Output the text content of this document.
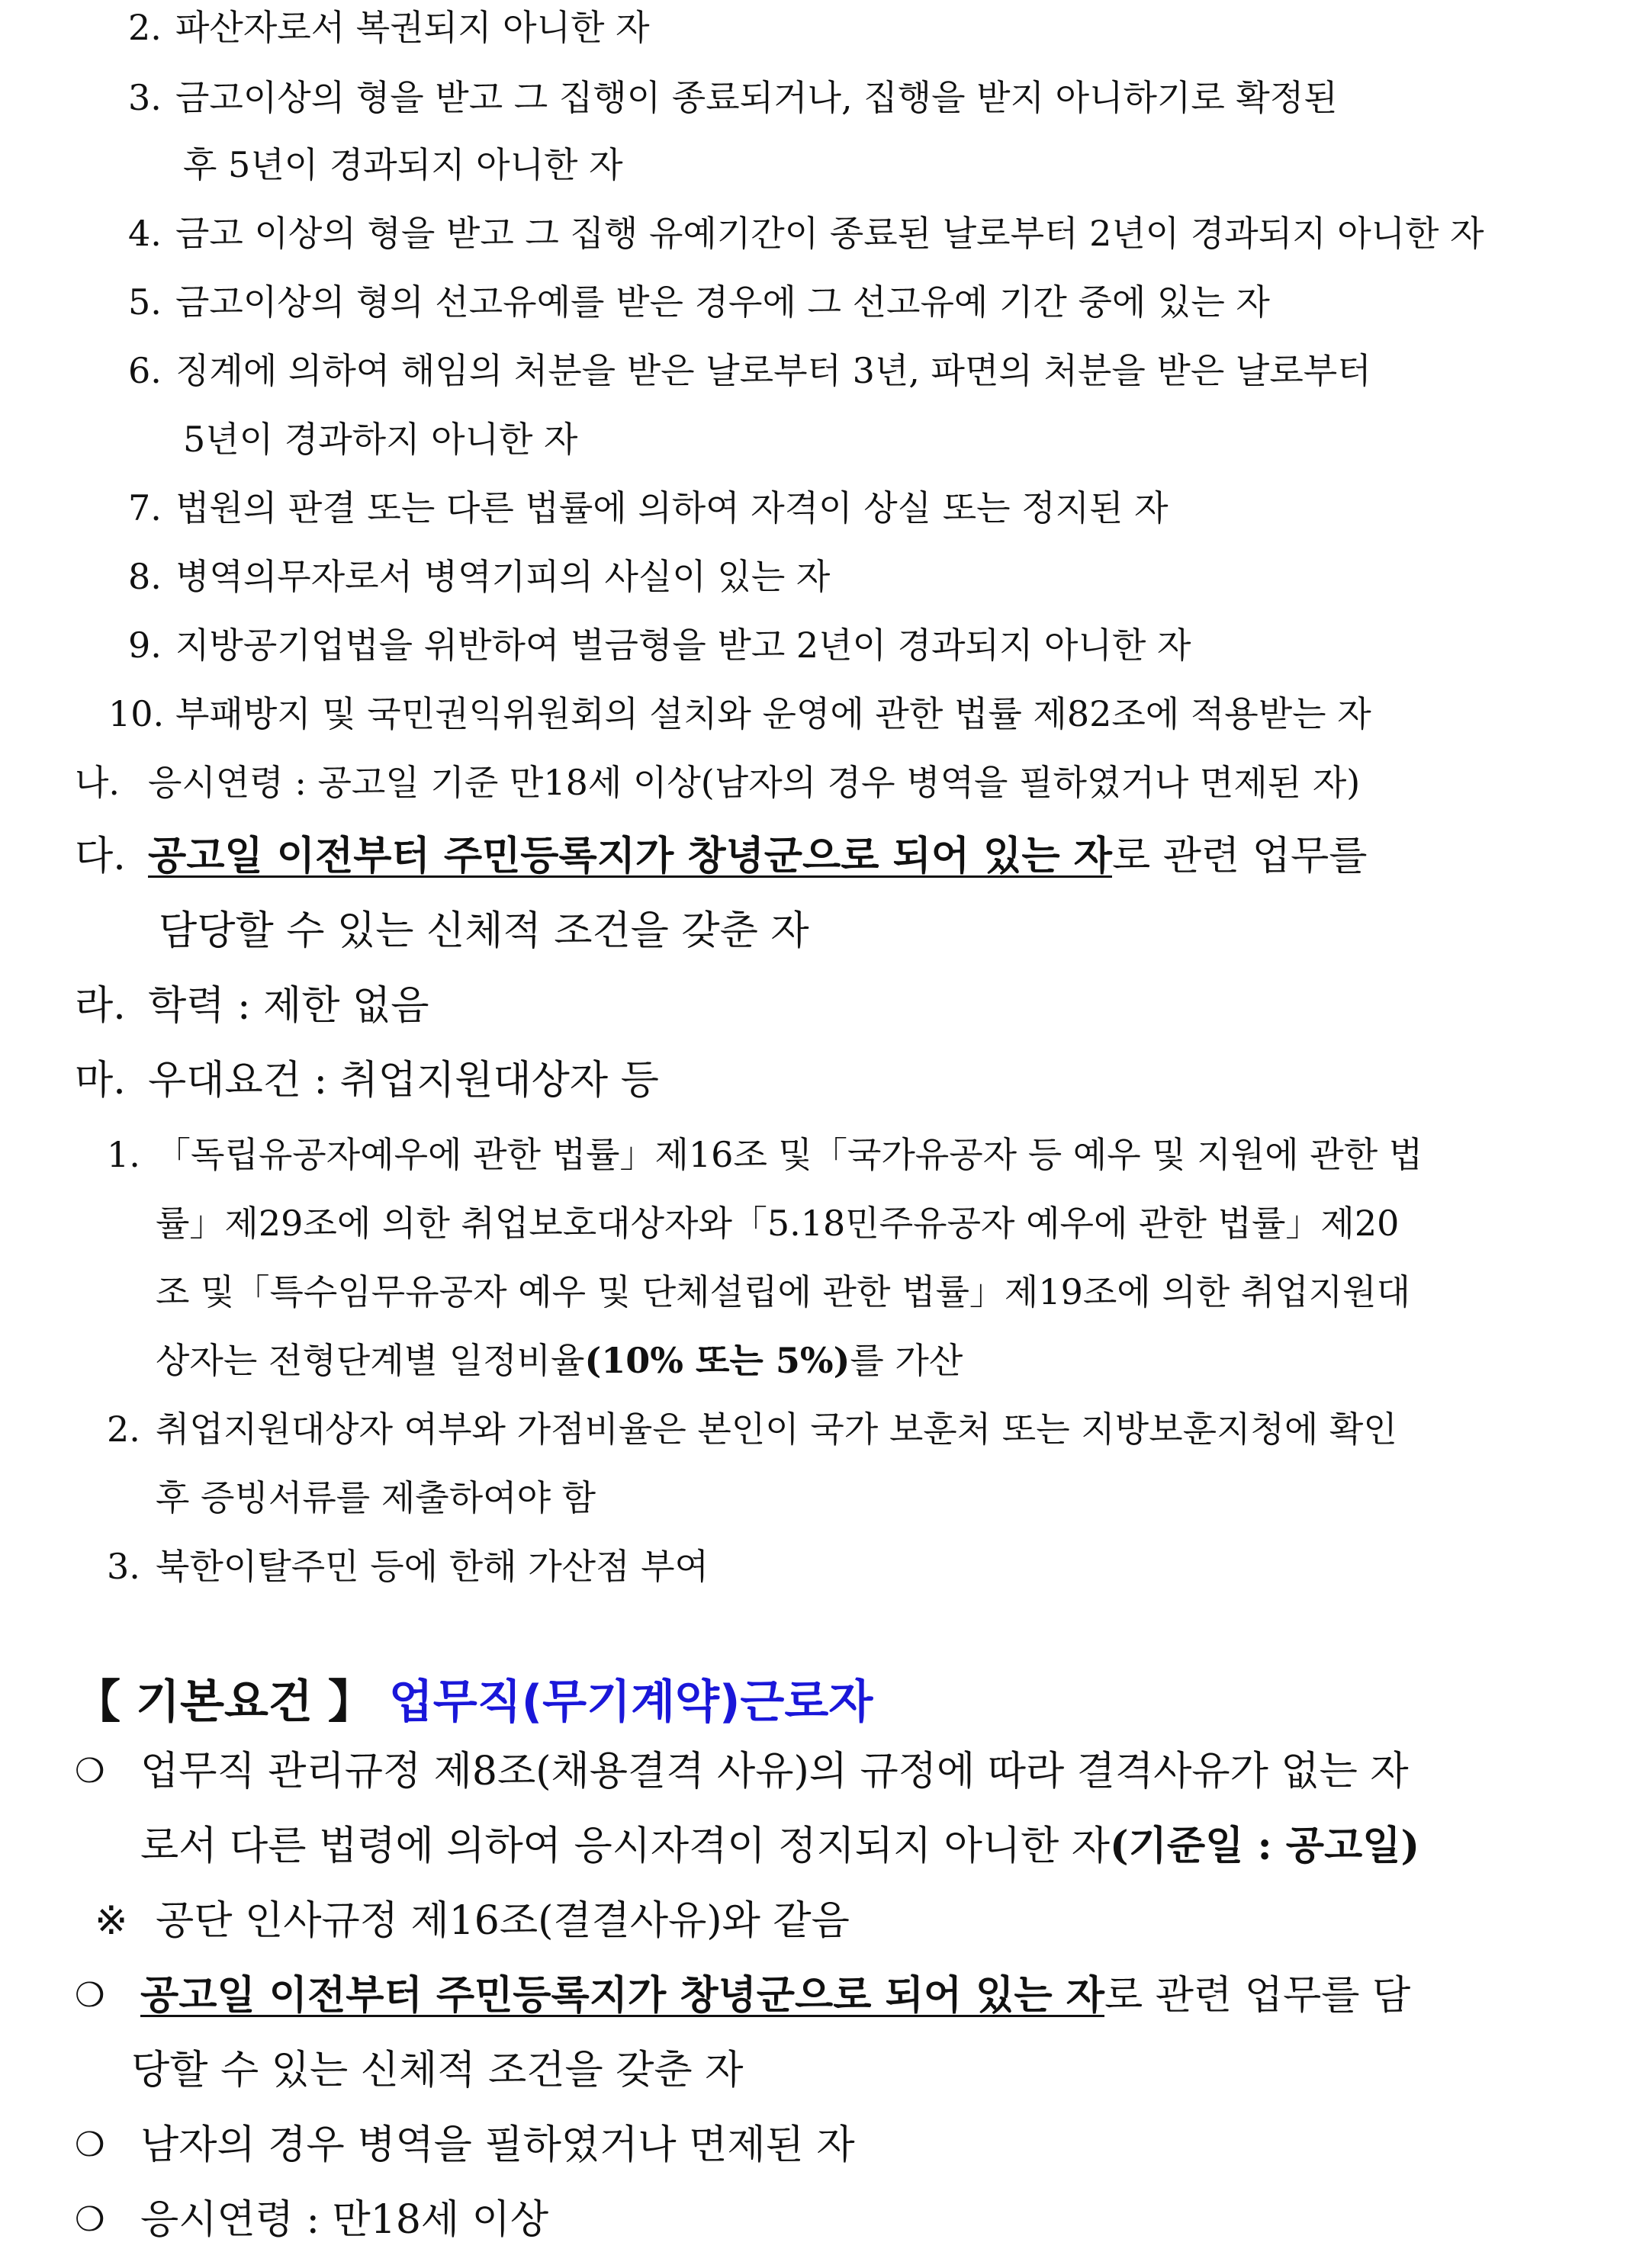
2. 파산자로서 복권되지 아니한 자
3. 금고이상의 형을 받고 그 집행이 종료되거나, 집행을 받지 아니하기로 확정된
후 5년이 경과되지 아니한 자
4. 금고 이상의 형을 받고 그 집행 유예기간이 종료된 날로부터 2년이 경과되지 아니한 자
5. 금고이상의 형의 선고유예를 받은 경우에 그 선고유예 기간 중에 있는 자
6. 징계에 의하여 해임의 처분을 받은 날로부터 3년, 파면의 처분을 받은 날로부터
5년이 경과하지 아니한 자
7. 법원의 판결 또는 다른 법률에 의하여 자격이 상실 또는 정지된 자
8. 병역의무자로서 병역기피의 사실이 있는 자
9. 지방공기업법을 위반하여 벌금형을 받고 2년이 경과되지 아니한 자
10. 부패방지 및 국민권익위원회의 설치와 운영에 관한 법률 제82조에 적용받는 자
나. 응시연령 : 공고일 기준 만18세 이상(남자의 경우 병역을 필하였거나 면제된 자)
다. 공고일 이전부터 주민등록지가 창녕군으로 되어 있는 자 로 관련 업무를
담당할 수 있는 신체적 조건을 갖춘 자
라. 학력 : 제한 없음
마. 우대요건 : 취업지원대상자 등
1. 「독립유공자예우에 관한 법률」제16조 및「국가유공자 등 예우 및 지원에 관한 법
률」제29조에 의한 취업보호대상자와「5.18민주유공자 예우에 관한 법률」제20
조 및「특수임무유공자 예우 및 단체설립에 관한 법률」제19조에 의한 취업지원대
상자는 전형단계별 일정비율 (10% 또는 5%) 를 가산
2. 취업지원대상자 여부와 가점비율은 본인이 국가 보훈처 또는 지방보훈지청에 확인
후 증빙서류를 제출하여야 함
3. 북한이탈주민 등에 한해 가산점 부여
【 기본요건 】 업무직(무기계약)근로자
❍ 업무직 관리규정 제8조(채용결격 사유)의 규정에 따라 결격사유가 없는 자
로서 다른 법령에 의하여 응시자격이 정지되지 아니한 자 (기준일 : 공고일)
※ 공단 인사규정 제16조(결결사유)와 같음
❍ 공고일 이전부터 주민등록지가 창녕군으로 되어 있는 자 로 관련 업무를 담
당할 수 있는 신체적 조건을 갖춘 자
❍ 남자의 경우 병역을 필하였거나 면제된 자
❍ 응시연령 : 만18세 이상
